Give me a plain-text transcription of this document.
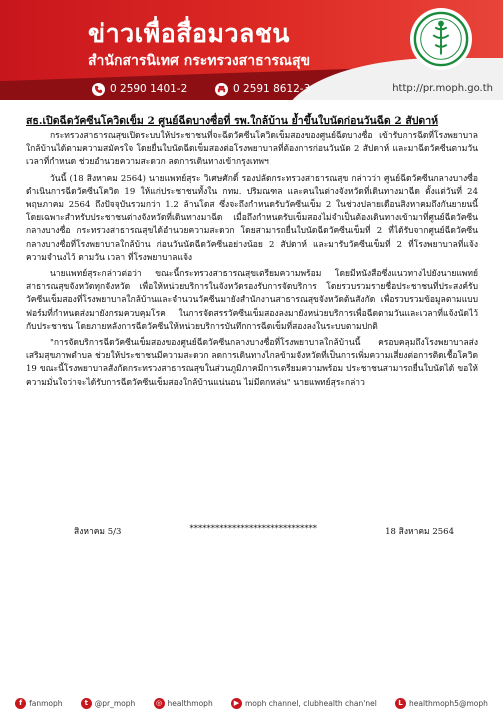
ข่าวเพื่อสื่อมวลชน
สำนักสารนิเทศ กระทรวงสาธารณสุข
0 2590 1401-2	0 2591 8612-3	http://pr.moph.go.th
สธ.เปิดฉีดวัคซีนโควิดเข็ม 2 ศูนย์ฉีดบางซื่อที่ รพ.ใกล้บ้าน ย้ำขึ้นใบนัดก่อนวันฉีด 2 สัปดาห์

กระทรวงสาธารณสุขเปิดระบบให้ประชาชนที่จะฉีดวัคซีนโควิดเข็มสองของศูนย์ฉีดบางซื่อ เข้ารับการฉีดที่โรงพยาบาลใกล้บ้านได้ตามความสมัครใจ โดยยื่นใบนัดฉีดเข็มสองต่อโรงพยาบาลที่ต้องการก่อนวันนัด 2 สัปดาห์ และมาฉีดวัคซีนตามวันเวลาที่กำหนด ช่วยอำนวยความสะดวก ลดการเดินทางเข้ากรุงเทพฯ

วันนี้ (18 สิงหาคม 2564) นายแพทย์สุระ วิเศษศักดิ์ รองปลัดกระทรวงสาธารณสุข กล่าวว่า ศูนย์ฉีดวัคซีนกลางบางซื่อดำเนินการฉีดวัคซีนโควิด 19 ให้แก่ประชาชนทั้งใน กทม. ปริมณฑล และคนในต่างจังหวัดที่เดินทางมาฉีด ตั้งแต่วันที่ 24 พฤษภาคม 2564 ถึงปัจจุบันรวมกว่า 1.2 ล้านโดส ซึ่งจะถึงกำหนดรับวัคซีนเข็ม 2 ในช่วงปลายเดือนสิงหาคมถึงกันยายนนี้ โดยเฉพาะสำหรับประชาชนต่างจังหวัดที่เดินทางมาฉีด เมื่อถึงกำหนดรับเข็มสองไม่จำเป็นต้องเดินทางเข้ามาที่ศูนย์ฉีดวัคซีนกลางบางซื่อ กระทรวงสาธารณสุขได้อำนวยความสะดวก โดยสามารถยื่นใบนัดฉีดวัคซีนเข็มที่ 2 ที่ได้รับจากศูนย์ฉีดวัคซีนกลางบางซื่อที่โรงพยาบาลใกล้บ้าน ก่อนวันนัดฉีดวัคซีนอย่างน้อย 2 สัปดาห์ และมารับวัคซีนเข็มที่ 2 ที่โรงพยาบาลที่แจ้งความจำนงไว้ ตามวัน เวลา ที่โรงพยาบาลแจ้ง

นายแพทย์สุระกล่าวต่อว่า ขณะนี้กระทรวงสาธารณสุขเตรียมความพร้อม โดยมีหนังสือซึ่งแนวทางไปยังนายแพทย์สาธารณสุขจังหวัดทุกจังหวัด เพื่อให้หน่วยบริการในจังหวัดรองรับการจัดบริการ โดยรวบรวมรายชื่อประชาชนที่ประสงค์รับวัคซีนเข็มสองที่โรงพยาบาลใกล้บ้านและจำนวนวัคซีนมายังสำนักงานสาธารณสุขจังหวัดต้นสังกัด เพื่อรวบรวมข้อมูลตามแบบฟอร์มที่กำหนดส่งมายังกรมควบคุมโรค ในการจัดสรรวัคซีนเข็มสองลงมายังหน่วยบริการเพื่อฉีดตามวันและเวลาที่แจ้งนัดไว้กับประชาชน โดยภายหลังการฉีดวัคซีนให้หน่วยบริการบันทึกการฉีดเข็มที่สองลงในระบบตามปกติ

"การจัดบริการฉีดวัคซีนเข็มสองของศูนย์ฉีดวัคซีนกลางบางซื่อที่โรงพยาบาลใกล้บ้านนี้ ครอบคลุมถึงโรงพยาบาลส่งเสริมสุขภาพตำบล ช่วยให้ประชาชนมีความสะดวก ลดการเดินทางไกลข้ามจังหวัดที่เป็นการเพิ่มความเสี่ยงต่อการติดเชื้อโควิด 19 ขณะนี้โรงพยาบาลสังกัดกระทรวงสาธารณสุขในส่วนภูมิภาคมีการเตรียมความพร้อม ประชาชนสามารถยื่นใบนัดได้ ขอให้ความมั่นใจว่าจะได้รับการฉีดวัคซีนเข็มสองใกล้บ้านแน่นอน ไม่มีตกหล่น" นายแพทย์สุระกล่าว

สิงหาคม 5/3	******************************	18 สิงหาคม 2564
f fanmoph	t @pr_moph	◎ healthmoph	▶ moph channel, clubhealth chan'nel	L healthmoph5@moph
